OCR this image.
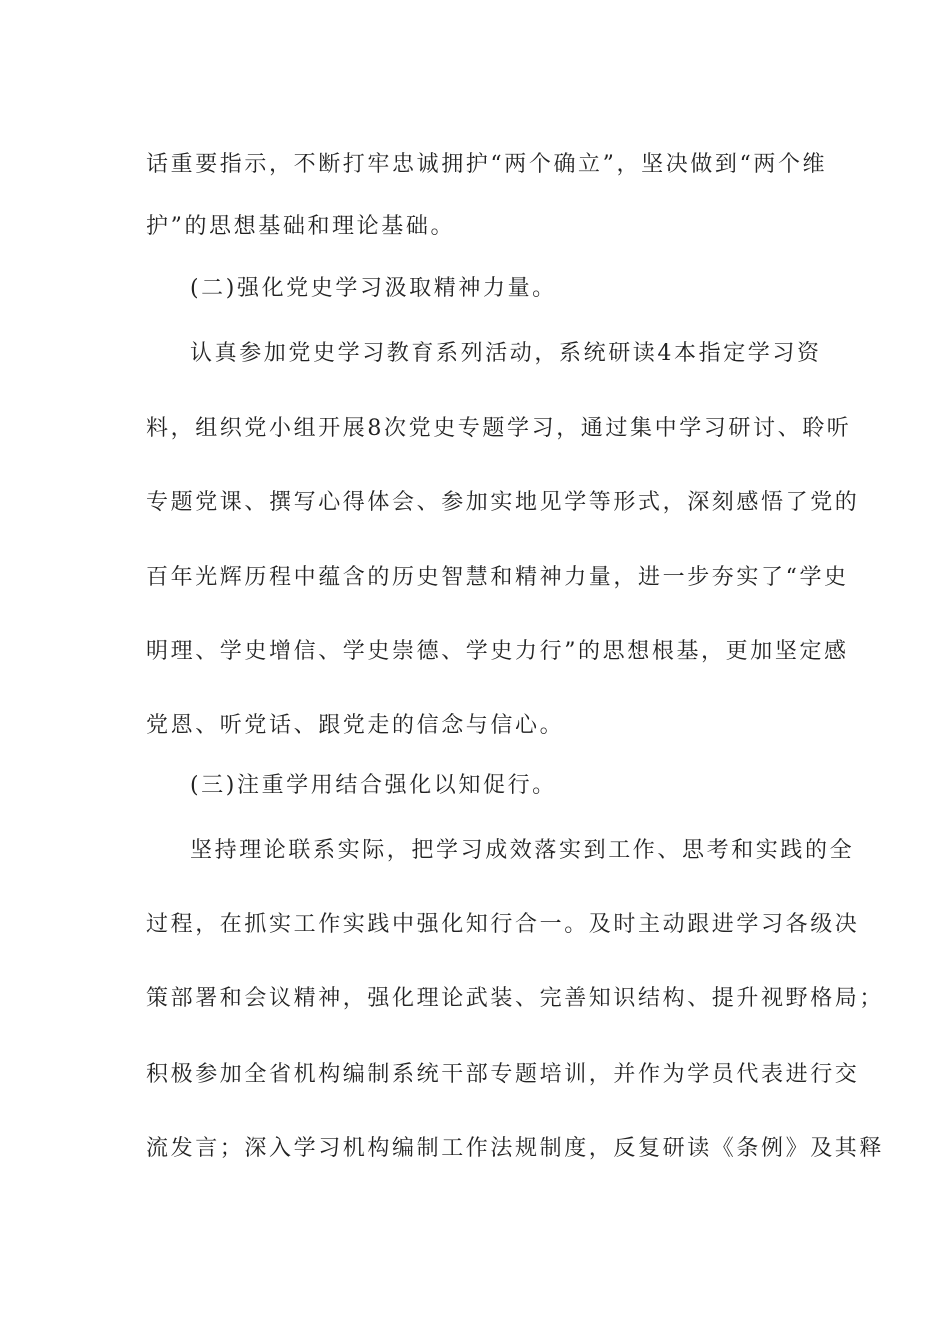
话重要指示，不断打牢忠诚拥护“两个确立”，坚决做到“两个维
护”的思想基础和理论基础。
(二)强化党史学习汲取精神力量。
认真参加党史学习教育系列活动，系统研读4本指定学习资
料，组织党小组开展8次党史专题学习，通过集中学习研讨、聆听
专题党课、撰写心得体会、参加实地见学等形式，深刻感悟了党的
百年光辉历程中蕴含的历史智慧和精神力量，进一步夯实了“学史
明理、学史增信、学史崇德、学史力行”的思想根基，更加坚定感
党恩、听党话、跟党走的信念与信心。
(三)注重学用结合强化以知促行。
坚持理论联系实际，把学习成效落实到工作、思考和实践的全
过程，在抓实工作实践中强化知行合一。及时主动跟进学习各级决
策部署和会议精神，强化理论武装、完善知识结构、提升视野格局；
积极参加全省机构编制系统干部专题培训，并作为学员代表进行交
流发言；深入学习机构编制工作法规制度，反复研读《条例》及其释
